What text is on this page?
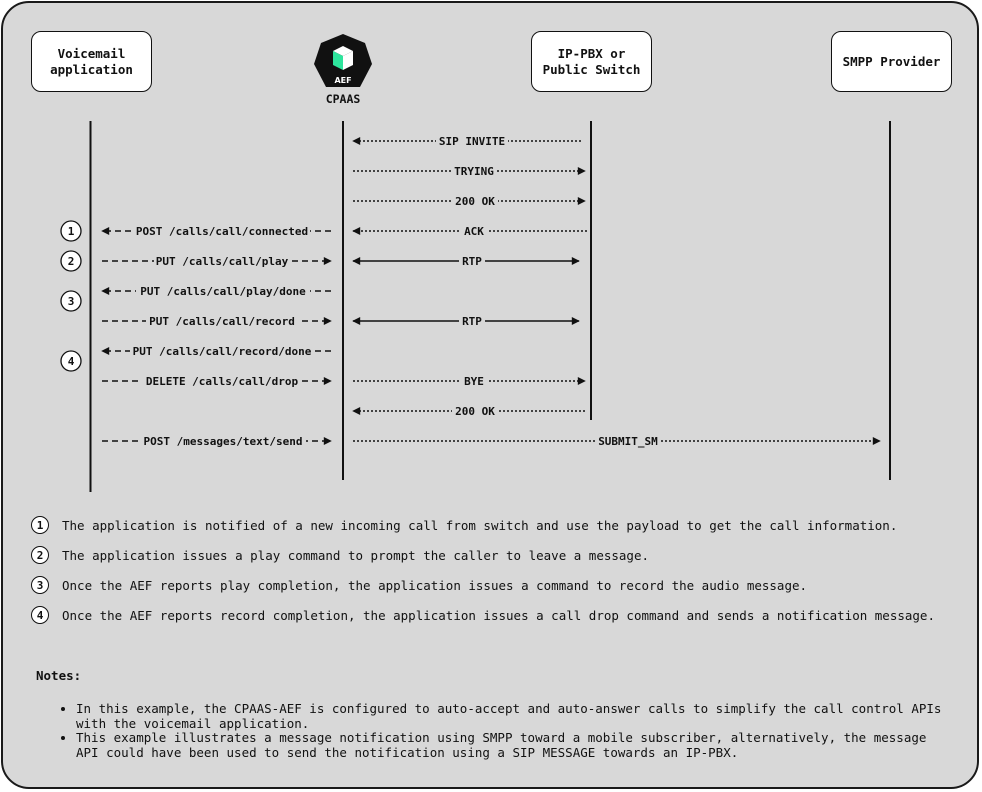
Voicemail
application
IP-PBX or
Public Switch
SMPP Provider
AEF
CPAAS
SIP INVITE
TRYING
200 OK
ACK
RTP
RTP
BYE
200 OK
SUBMIT_SM
POST /calls/call/connected
PUT /calls/call/play
PUT /calls/call/play/done
PUT /calls/call/record
PUT /calls/call/record/done
DELETE /calls/call/drop
POST /messages/text/send
1
2
3
4
1	The application is notified of a new incoming call from switch and use the payload to get the call information.
2	The application issues a play command to prompt the caller to leave a message.
3	Once the AEF reports play completion, the application issues a command to record the audio message.
4	Once the AEF reports record completion, the application issues a call drop command and sends a notification message.
Notes:
• In this example, the CPAAS-AEF is configured to auto-accept and auto-answer calls to simplify the call control APIs with the voicemail application.
• This example illustrates a message notification using SMPP toward a mobile subscriber, alternatively, the message API could have been used to send the notification using a SIP MESSAGE towards an IP-PBX.
